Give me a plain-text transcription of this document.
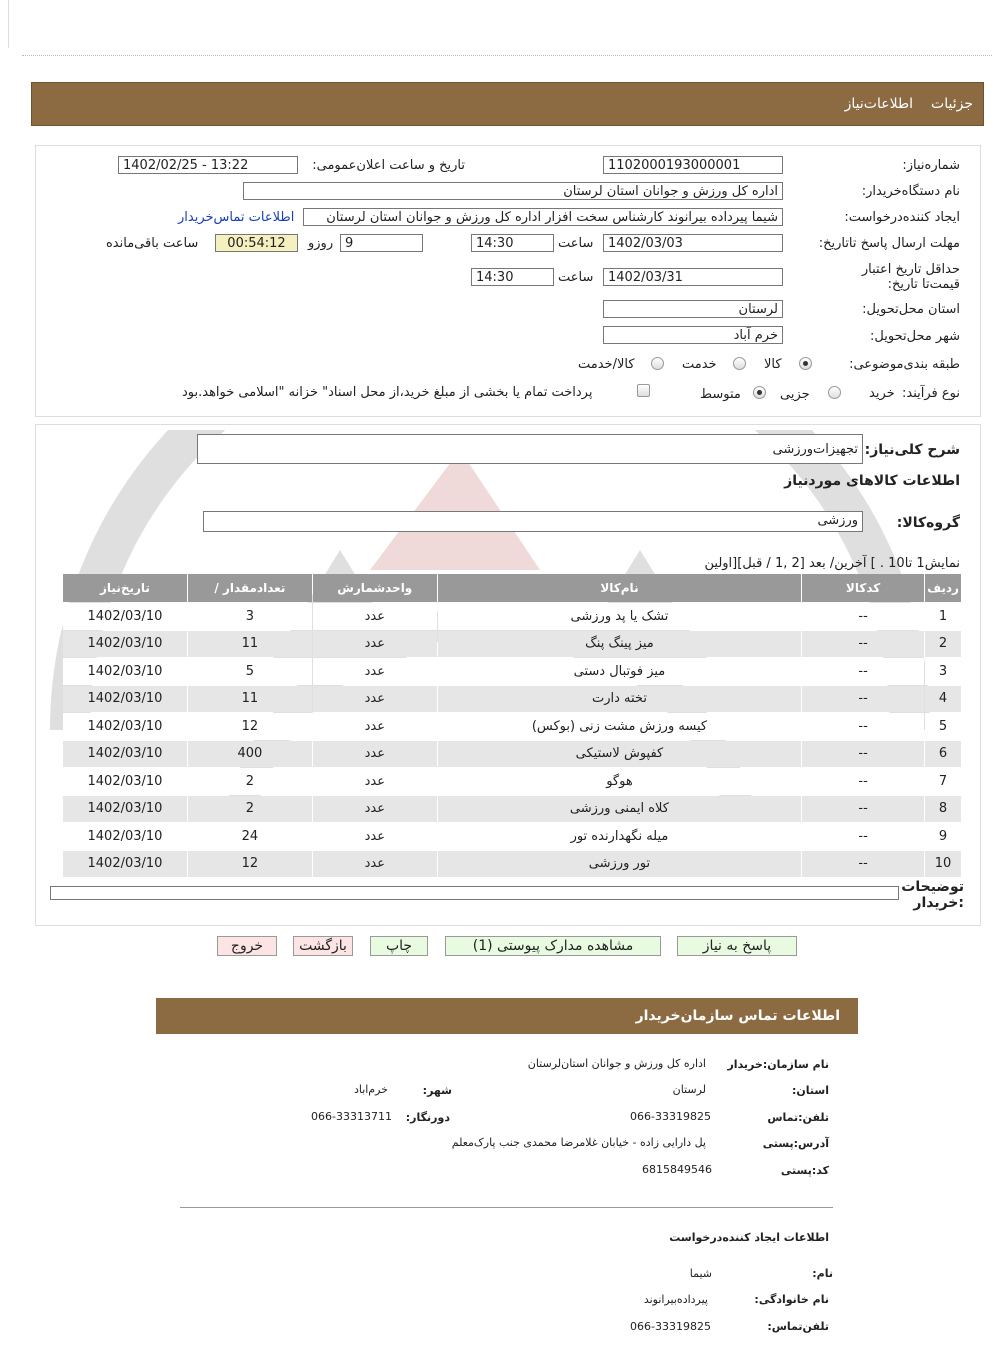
جزئیات
اطلاعات‌نیاز
شماره‌نیاز:
1102000193000001
تاریخ و ساعت اعلان‌عمومی:
1402/02/25 - 13:22
نام دستگاه‌خریدار:
اداره کل ورزش و جوانان استان لرستان
ایجاد کننده‌درخواست:
شیما پیرداده بیرانوند کارشناس سخت افزار اداره کل ورزش و جوانان استان لرستان
اطلاعات تماس‌خریدار
مهلت ارسال پاسخ تا‌تاریخ:
1402/03/03
ساعت
14:30
9
روزو
00:54:12
ساعت باقی‌مانده
حداقل تاریخ اعتبار قیمت‌تا تاریخ:
1402/03/31
ساعت
14:30
استان محل‌تحویل:
لرستان
شهر محل‌تحویل:
خرم آباد
طبقه بندی‌موضوعی:
کالا
خدمت
کالا/خدمت
نوع فرآیند:
خرید
جزیی
متوسط
پرداخت تمام یا بخشی از مبلغ خرید،از محل اسناد" خزانه "اسلامی خواهد.بود
شرح کلی‌نیاز:
تجهیزات‌ورزشی
اطلاعات کالاهای موردنیاز
گروه‌کالا:
ورزشی
نمایش1 تا10 . ] آخرین/ بعد [2 ,1 / قبل][اولین
ردیف	کدکالا	نام‌کالا	واحدشمارش	تعدادمقدار /	تاریخ‌نیاز
1	--	تشک یا پد ورزشی	عدد	3	1402/03/10
2	--	میز پینگ پنگ	عدد	11	1402/03/10
3	--	میز فوتبال دستی	عدد	5	1402/03/10
4	--	تخته دارت	عدد	11	1402/03/10
5	--	کیسه ورزش مشت زنی (بوکس)	عدد	12	1402/03/10
6	--	کفپوش لاستیکی	عدد	400	1402/03/10
7	--	هوگو	عدد	2	1402/03/10
8	--	کلاه ایمنی ورزشی	عدد	2	1402/03/10
9	--	میله نگهدارنده تور	عدد	24	1402/03/10
10	--	تور ورزشی	عدد	12	1402/03/10
توضیحات :خریدار
پاسخ به نیاز
مشاهده مدارک پیوستی (1)
چاپ
بازگشت
خروج
اطلاعات تماس سازمان‌خریدار
نام سازمان‌:خریدار
اداره کل ورزش و جوانان استان‌لرستان
استان:
لرستان
شهر:
خرم‌اباد
تلفن‌:تماس
066-33319825
دورنگار:
066-33313711
آدرس‌:پستی
پل دارایی زاده - خیابان غلامرضا محمدی جنب پارک‌معلم
کد‌:پستی
6815849546
اطلاعات ایجاد کننده‌درخواست
نام:
شیما
نام خانوادگی:
پیرداده‌بیرانوند
تلفن‌تماس:
066-33319825
